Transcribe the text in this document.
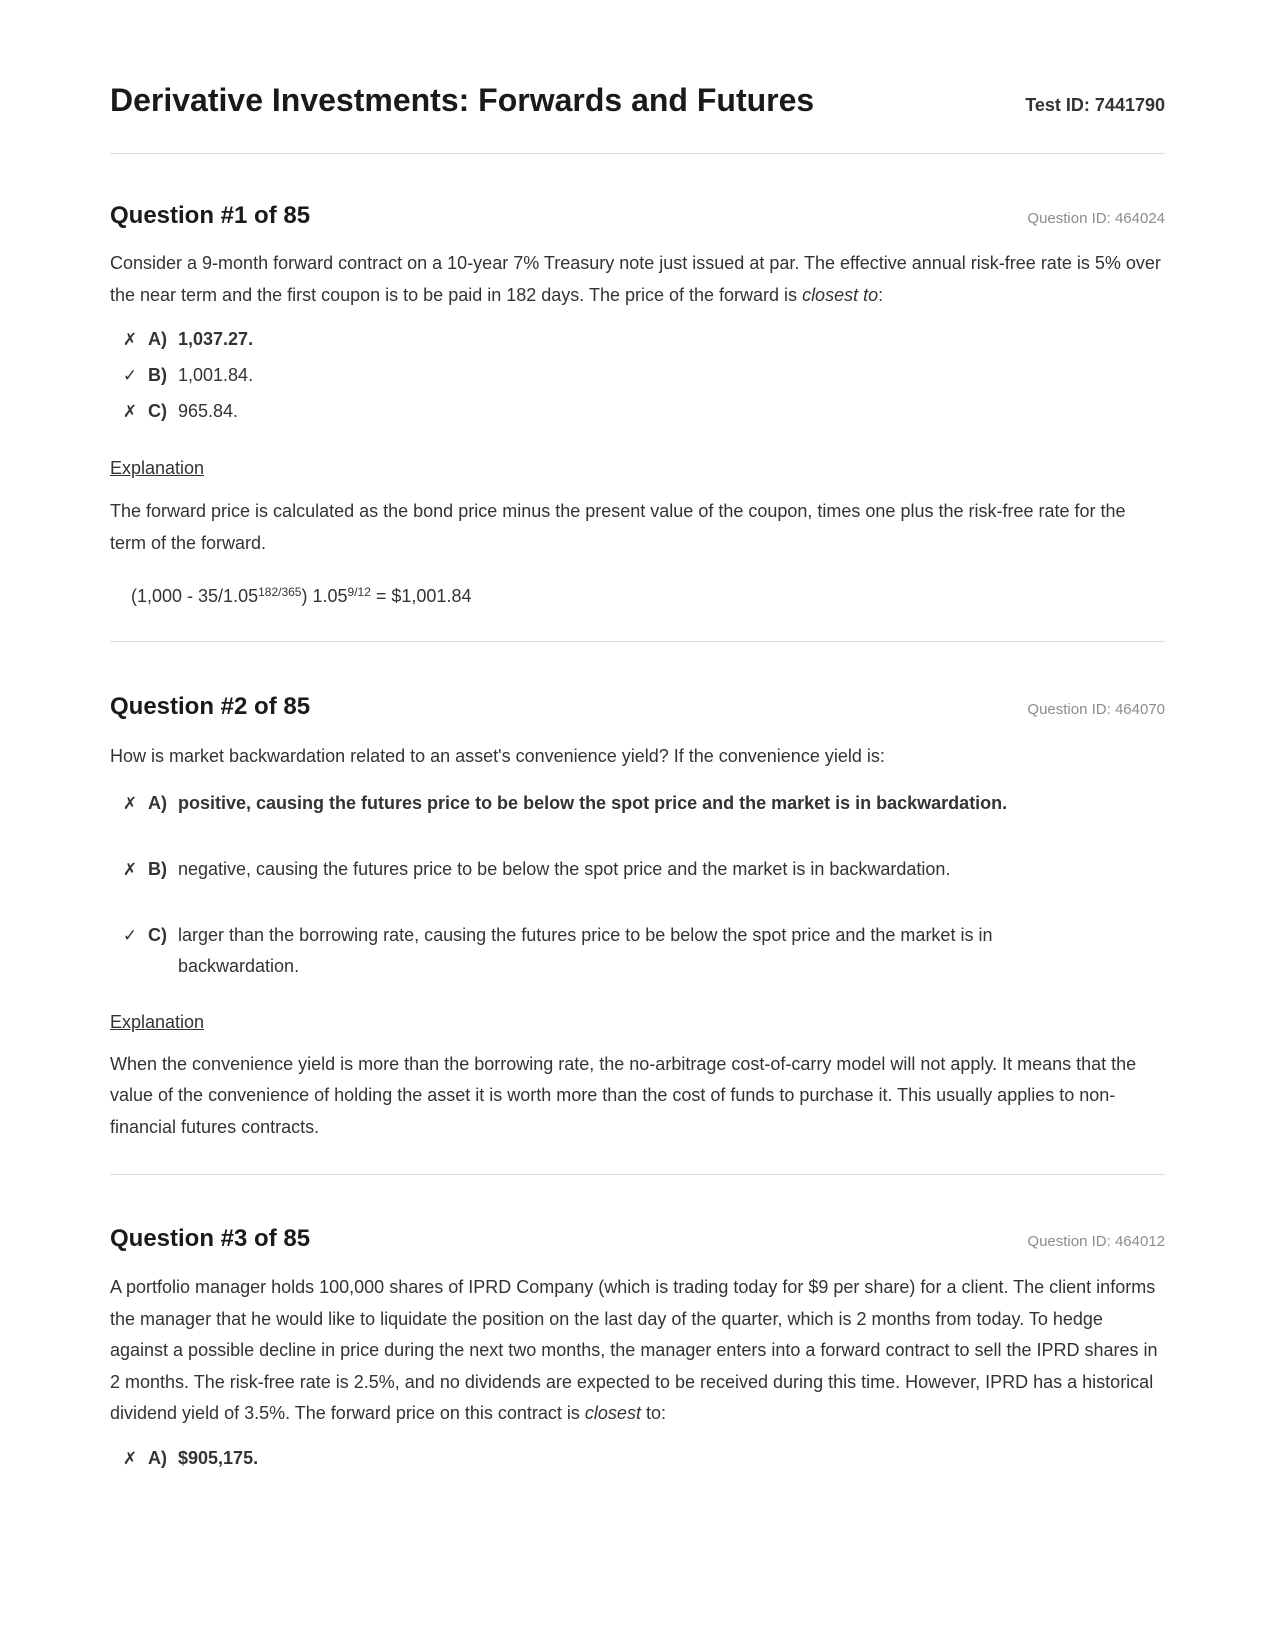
Derivative Investments: Forwards and Futures	Test ID: 7441790
Question #1 of 85	Question ID: 464024

Consider a 9-month forward contract on a 10-year 7% Treasury note just issued at par. The effective annual risk-free rate is 5% over the near term and the first coupon is to be paid in 182 days. The price of the forward is closest to:

✗ A) 1,037.27.
✓ B) 1,001.84.
✗ C) 965.84.

Explanation

The forward price is calculated as the bond price minus the present value of the coupon, times one plus the risk-free rate for the term of the forward.

$(1,000 - 35/1.05^{182/365})$ $1.05^{9/12}$ = $1,001.84

Question #2 of 85	Question ID: 464070

How is market backwardation related to an asset's convenience yield? If the convenience yield is:

✗ A) positive, causing the futures price to be below the spot price and the market is in backwardation.
✗ B) negative, causing the futures price to be below the spot price and the market is in backwardation.
✓ C) larger than the borrowing rate, causing the futures price to be below the spot price and the market is in backwardation.

Explanation

When the convenience yield is more than the borrowing rate, the no-arbitrage cost-of-carry model will not apply. It means that the value of the convenience of holding the asset it is worth more than the cost of funds to purchase it. This usually applies to non-financial futures contracts.

Question #3 of 85	Question ID: 464012

A portfolio manager holds 100,000 shares of IPRD Company (which is trading today for $9 per share) for a client. The client informs the manager that he would like to liquidate the position on the last day of the quarter, which is 2 months from today. To hedge against a possible decline in price during the next two months, the manager enters into a forward contract to sell the IPRD shares in 2 months. The risk-free rate is 2.5%, and no dividends are expected to be received during this time. However, IPRD has a historical dividend yield of 3.5%. The forward price on this contract is closest to:

✗ A) $905,175.
